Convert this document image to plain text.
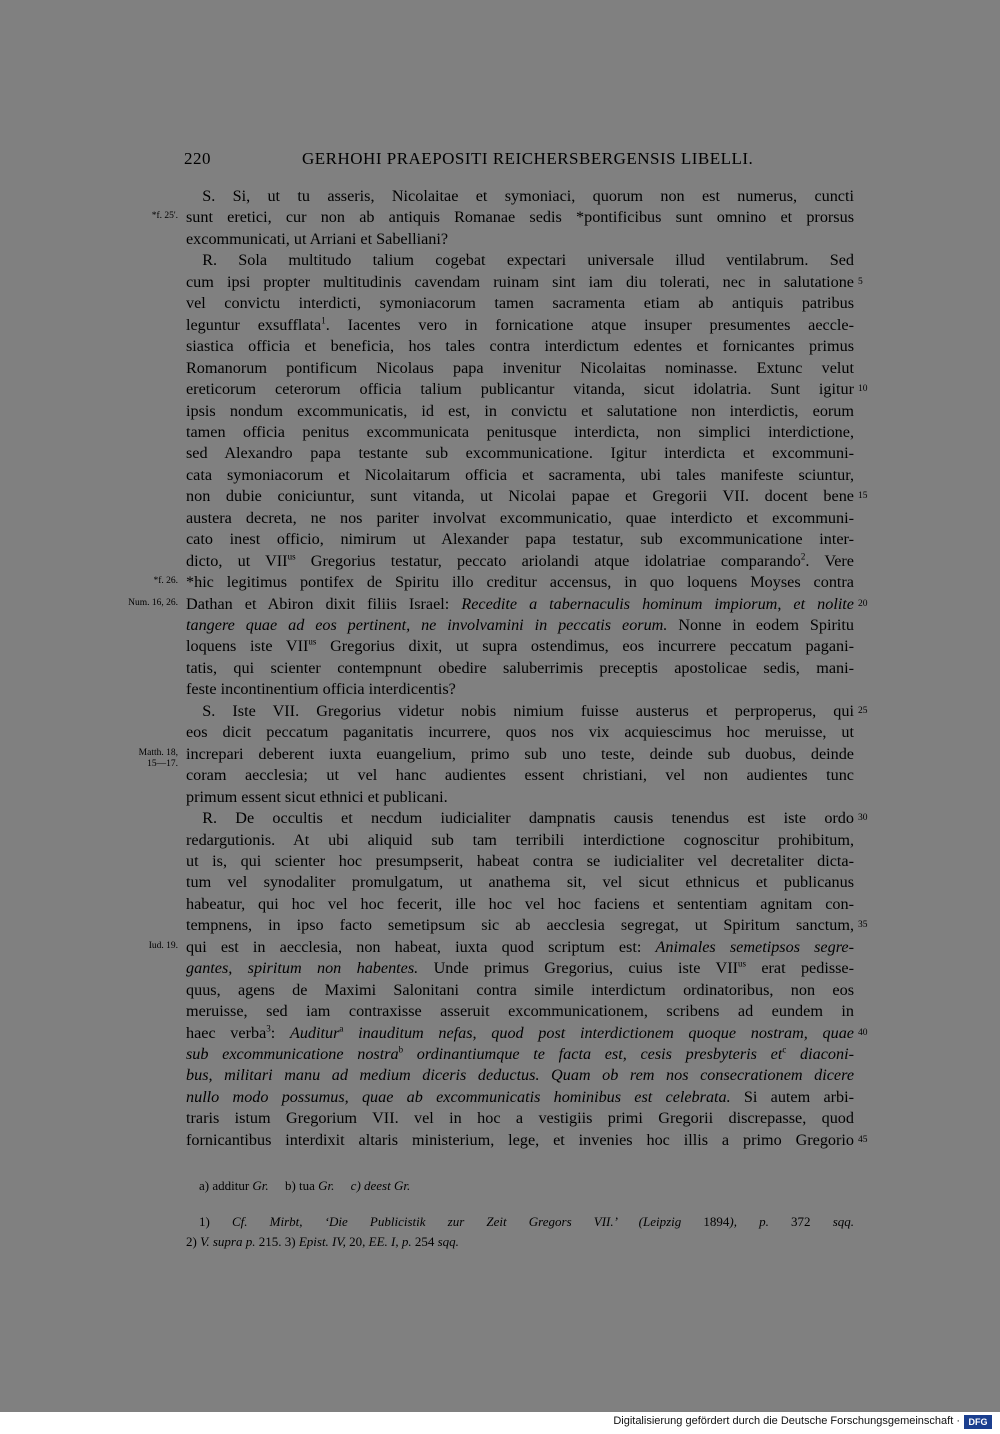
220	GERHOHI PRAEPOSITI REICHERSBERGENSIS LIBELLI.
 S. Si, ut tu asseris, Nicolaitae et symoniaci, quorum non est numerus, cuncti
sunt eretici, cur non ab antiquis Romanae sedis *pontificibus sunt omnino et prorsus
excommunicati, ut Arriani et Sabelliani?
 R. Sola multitudo talium cogebat expectari universale illud ventilabrum. Sed
cum ipsi propter multitudinis cavendam ruinam sint iam diu tolerati, nec in salutatione
vel convictu interdicti, symoniacorum tamen sacramenta etiam ab antiquis patribus
leguntur exsufflata$^1$. Iacentes vero in fornicatione atque insuper presumentes aeccle-
siastica officia et beneficia, hos tales contra interdictum edentes et fornicantes primus
Romanorum pontificum Nicolaus papa invenitur Nicolaitas nominasse. Extunc velut
ereticorum ceterorum officia talium publicantur vitanda, sicut idolatria. Sunt igitur
ipsis nondum excommunicatis, id est, in convictu et salutatione non interdictis, eorum
tamen officia penitus excommunicata penitusque interdicta, non simplici interdictione,
sed Alexandro papa testante sub excommunicatione. Igitur interdicta et excommuni-
cata symoniacorum et Nicolaitarum officia et sacramenta, ubi tales manifeste sciuntur,
non dubie coniciuntur, sunt vitanda, ut Nicolai papae et Gregorii VII. docent bene
austera decreta, ne nos pariter involvat excommunicatio, quae interdicto et excommuni-
cato inest officio, nimirum ut Alexander papa testatur, sub excommunicatione inter-
dicto, ut $VII^{us}$ Gregorius testatur, peccato ariolandi atque idolatriae comparando$^2$. Vere
*hic legitimus pontifex de Spiritu illo creditur accensus, in quo loquens Moyses contra
Dathan et Abiron dixit filiis Israel: Recedite a tabernaculis hominum impiorum, et nolite
tangere quae ad eos pertinent, ne involvamini in peccatis eorum. Nonne in eodem Spiritu
loquens iste $VII^{us}$ Gregorius dixit, ut supra ostendimus, eos incurrere peccatum pagani-
tatis, qui scienter contempnunt obedire saluberrimis preceptis apostolicae sedis, mani-
feste incontinentium officia interdicentis?
 S. Iste VII. Gregorius videtur nobis nimium fuisse austerus et perproperus, qui
eos dicit peccatum paganitatis incurrere, quos nos vix acquiescimus hoc meruisse, ut
increpari deberent iuxta euangelium, primo sub uno teste, deinde sub duobus, deinde
coram aecclesia; ut vel hanc audientes essent christiani, vel non audientes tunc
primum essent sicut ethnici et publicani.
 R. De occultis et necdum iudicialiter dampnatis causis tenendus est iste ordo
redargutionis. At ubi aliquid sub tam terribili interdictione cognoscitur prohibitum,
ut is, qui scienter hoc presumpserit, habeat contra se iudicialiter vel decretaliter dicta-
tum vel synodaliter promulgatum, ut anathema sit, vel sicut ethnicus et publicanus
habeatur, qui hoc vel hoc fecerit, ille hoc vel hoc faciens et sententiam agnitam con-
tempnens, in ipso facto semetipsum sic ab aecclesia segregat, ut Spiritum sanctum,
qui est in aecclesia, non habeat, iuxta quod scriptum est: Animales semetipsos segre-
gantes, spiritum non habentes. Unde primus Gregorius, cuius iste $VII^{us}$ erat pedisse-
quus, agens de Maximi Salonitani contra simile interdictum ordinatoribus, non eos
meruisse, sed iam contraxisse asseruit excommunicationem, scribens ad eundem in
haec verba$^3$: Auditur$^a$ inauditum nefas, quod post interdictionem quoque nostram, quae
sub excommunicatione nostra$^b$ ordinantiumque te facta est, cesis presbyteris $et^c$ diaconi-
bus, militari manu ad medium diceris deductus. Quam ob rem nos consecrationem dicere
nullo modo possumus, quae ab excommunicatis hominibus est celebrata. Si autem arbi-
traris istum Gregorium VII. vel in hoc a vestigiis primi Gregorii discrepasse, quod
fornicantibus interdixit altaris ministerium, lege, et invenies hoc illis a primo Gregorio
*f. 25'.
*f. 26.
Num. 16, 26.
Matth. 18,
15—17.
Iud. 19.
5
10
15
20
25
30
35
40
45
 a) additur Gr.  b) tua Gr.  c) deest Gr.
 1) Cf. Mirbt, ‘Die Publicistik zur Zeit Gregors VII.’ (Leipzig 1894), p. 372 sqq.
2) V. supra p. 215. 3) Epist. IV, 20, EE. I, p. 254 sqq.
Digitalisierung gefördert durch die Deutsche Forschungsgemeinschaft · DFG
